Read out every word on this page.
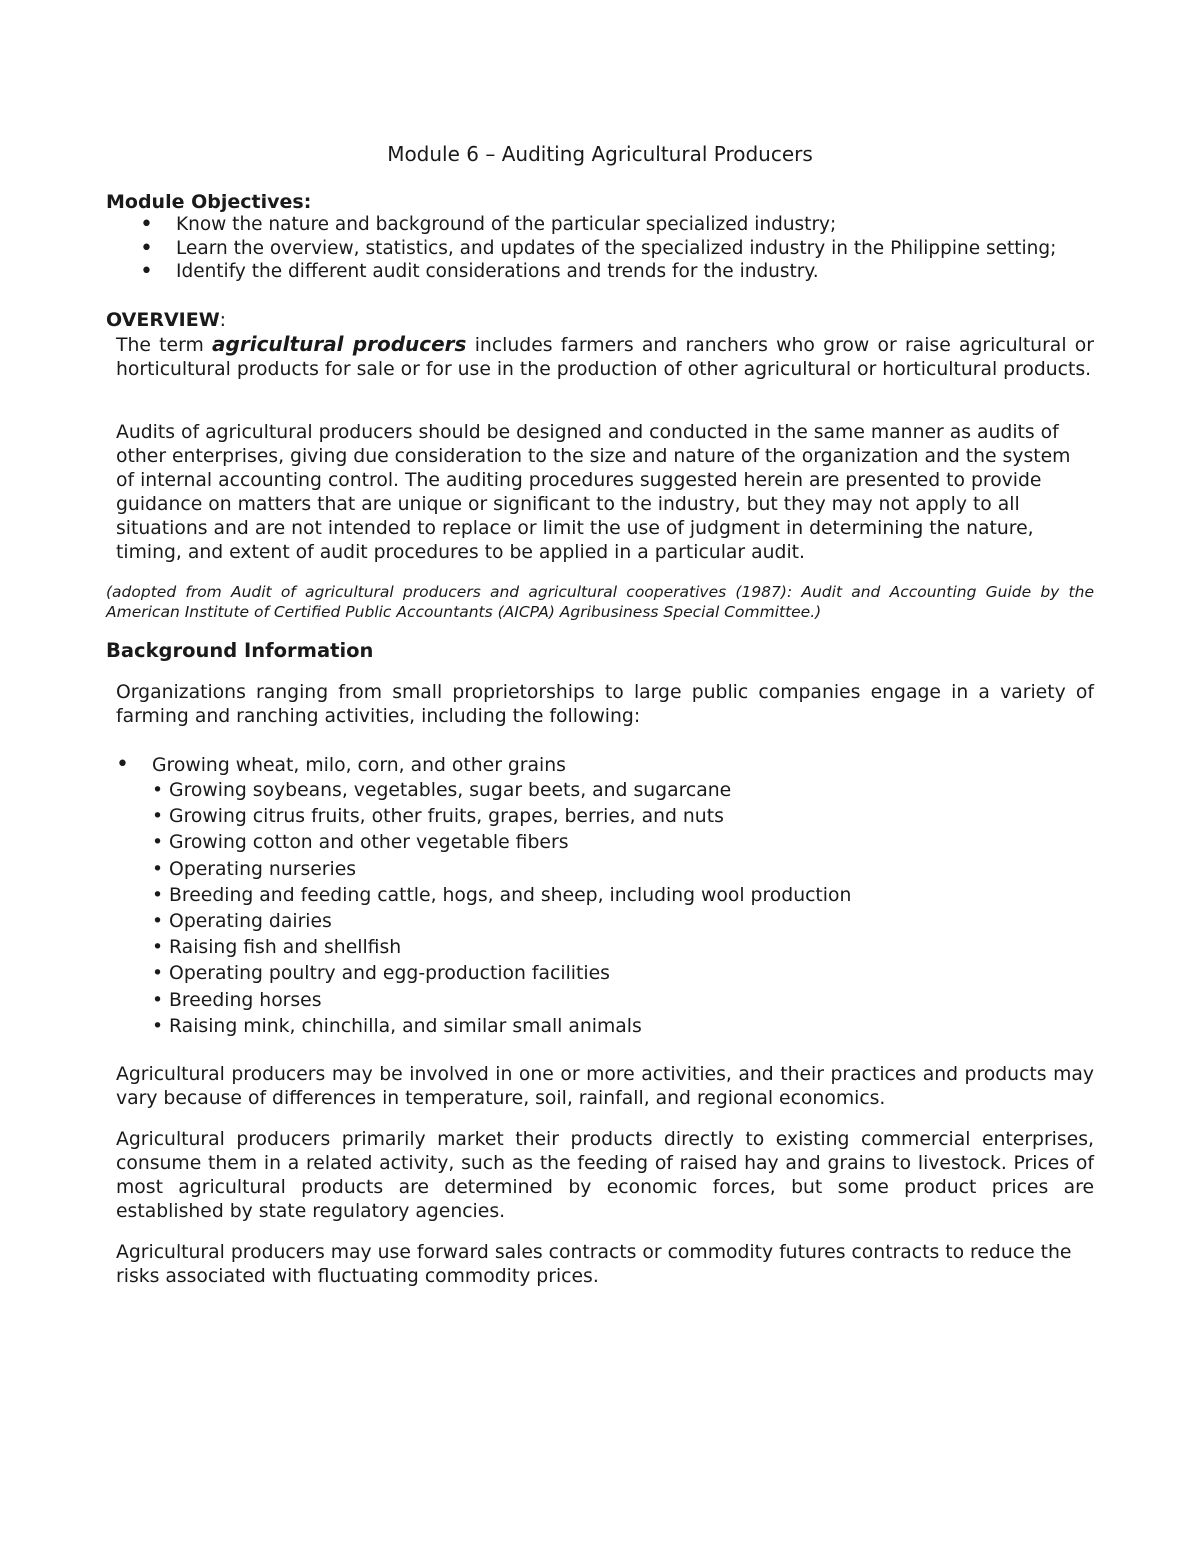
Module 6 – Auditing Agricultural Producers
Module Objectives:
• Know the nature and background of the particular specialized industry;
• Learn the overview, statistics, and updates of the specialized industry in the Philippine setting;
• Identify the different audit considerations and trends for the industry.
OVERVIEW:

The term agricultural producers includes farmers and ranchers who grow or raise agricultural or horticultural products for sale or for use in the production of other agricultural or horticultural products.

Audits of agricultural producers should be designed and conducted in the same manner as audits of other enterprises, giving due consideration to the size and nature of the organization and the system of internal accounting control. The auditing procedures suggested herein are presented to provide guidance on matters that are unique or significant to the industry, but they may not apply to all situations and are not intended to replace or limit the use of judgment in determining the nature, timing, and extent of audit procedures to be applied in a particular audit.

(adopted from Audit of agricultural producers and agricultural cooperatives (1987): Audit and Accounting Guide by the American Institute of Certified Public Accountants (AICPA) Agribusiness Special Committee.)

Background Information

Organizations ranging from small proprietorships to large public companies engage in a variety of farming and ranching activities, including the following:

• Growing wheat, milo, corn, and other grains
• Growing soybeans, vegetables, sugar beets, and sugarcane
• Growing citrus fruits, other fruits, grapes, berries, and nuts
• Growing cotton and other vegetable fibers
• Operating nurseries
• Breeding and feeding cattle, hogs, and sheep, including wool production
• Operating dairies
• Raising fish and shellfish
• Operating poultry and egg-production facilities
• Breeding horses
• Raising mink, chinchilla, and similar small animals

Agricultural producers may be involved in one or more activities, and their practices and products may vary because of differences in temperature, soil, rainfall, and regional economics.

Agricultural producers primarily market their products directly to existing commercial enterprises, consume them in a related activity, such as the feeding of raised hay and grains to livestock. Prices of most agricultural products are determined by economic forces, but some product prices are established by state regulatory agencies.

Agricultural producers may use forward sales contracts or commodity futures contracts to reduce the risks associated with fluctuating commodity prices.
